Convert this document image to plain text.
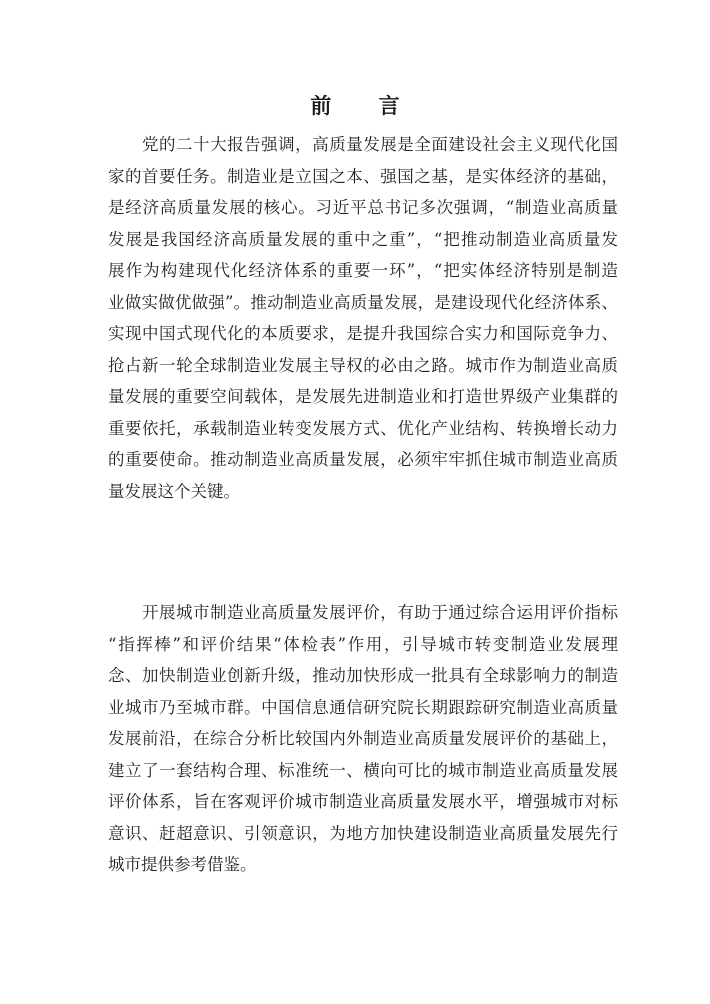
前 言
党的二十大报告强调，高质量发展是全面建设社会主义现代化国
家的首要任务。制造业是立国之本、强国之基，是实体经济的基础，
是经济高质量发展的核心。习近平总书记多次强调，“制造业高质量
发展是我国经济高质量发展的重中之重”，“把推动制造业高质量发
展作为构建现代化经济体系的重要一环”，“把实体经济特别是制造
业做实做优做强”。推动制造业高质量发展，是建设现代化经济体系、
实现中国式现代化的本质要求，是提升我国综合实力和国际竞争力、
抢占新一轮全球制造业发展主导权的必由之路。城市作为制造业高质
量发展的重要空间载体，是发展先进制造业和打造世界级产业集群的
重要依托，承载制造业转变发展方式、优化产业结构、转换增长动力
的重要使命。推动制造业高质量发展，必须牢牢抓住城市制造业高质
量发展这个关键。
开展城市制造业高质量发展评价，有助于通过综合运用评价指标
“指挥棒”和评价结果“体检表”作用，引导城市转变制造业发展理
念、加快制造业创新升级，推动加快形成一批具有全球影响力的制造
业城市乃至城市群。中国信息通信研究院长期跟踪研究制造业高质量
发展前沿，在综合分析比较国内外制造业高质量发展评价的基础上，
建立了一套结构合理、标准统一、横向可比的城市制造业高质量发展
评价体系，旨在客观评价城市制造业高质量发展水平，增强城市对标
意识、赶超意识、引领意识，为地方加快建设制造业高质量发展先行
城市提供参考借鉴。
